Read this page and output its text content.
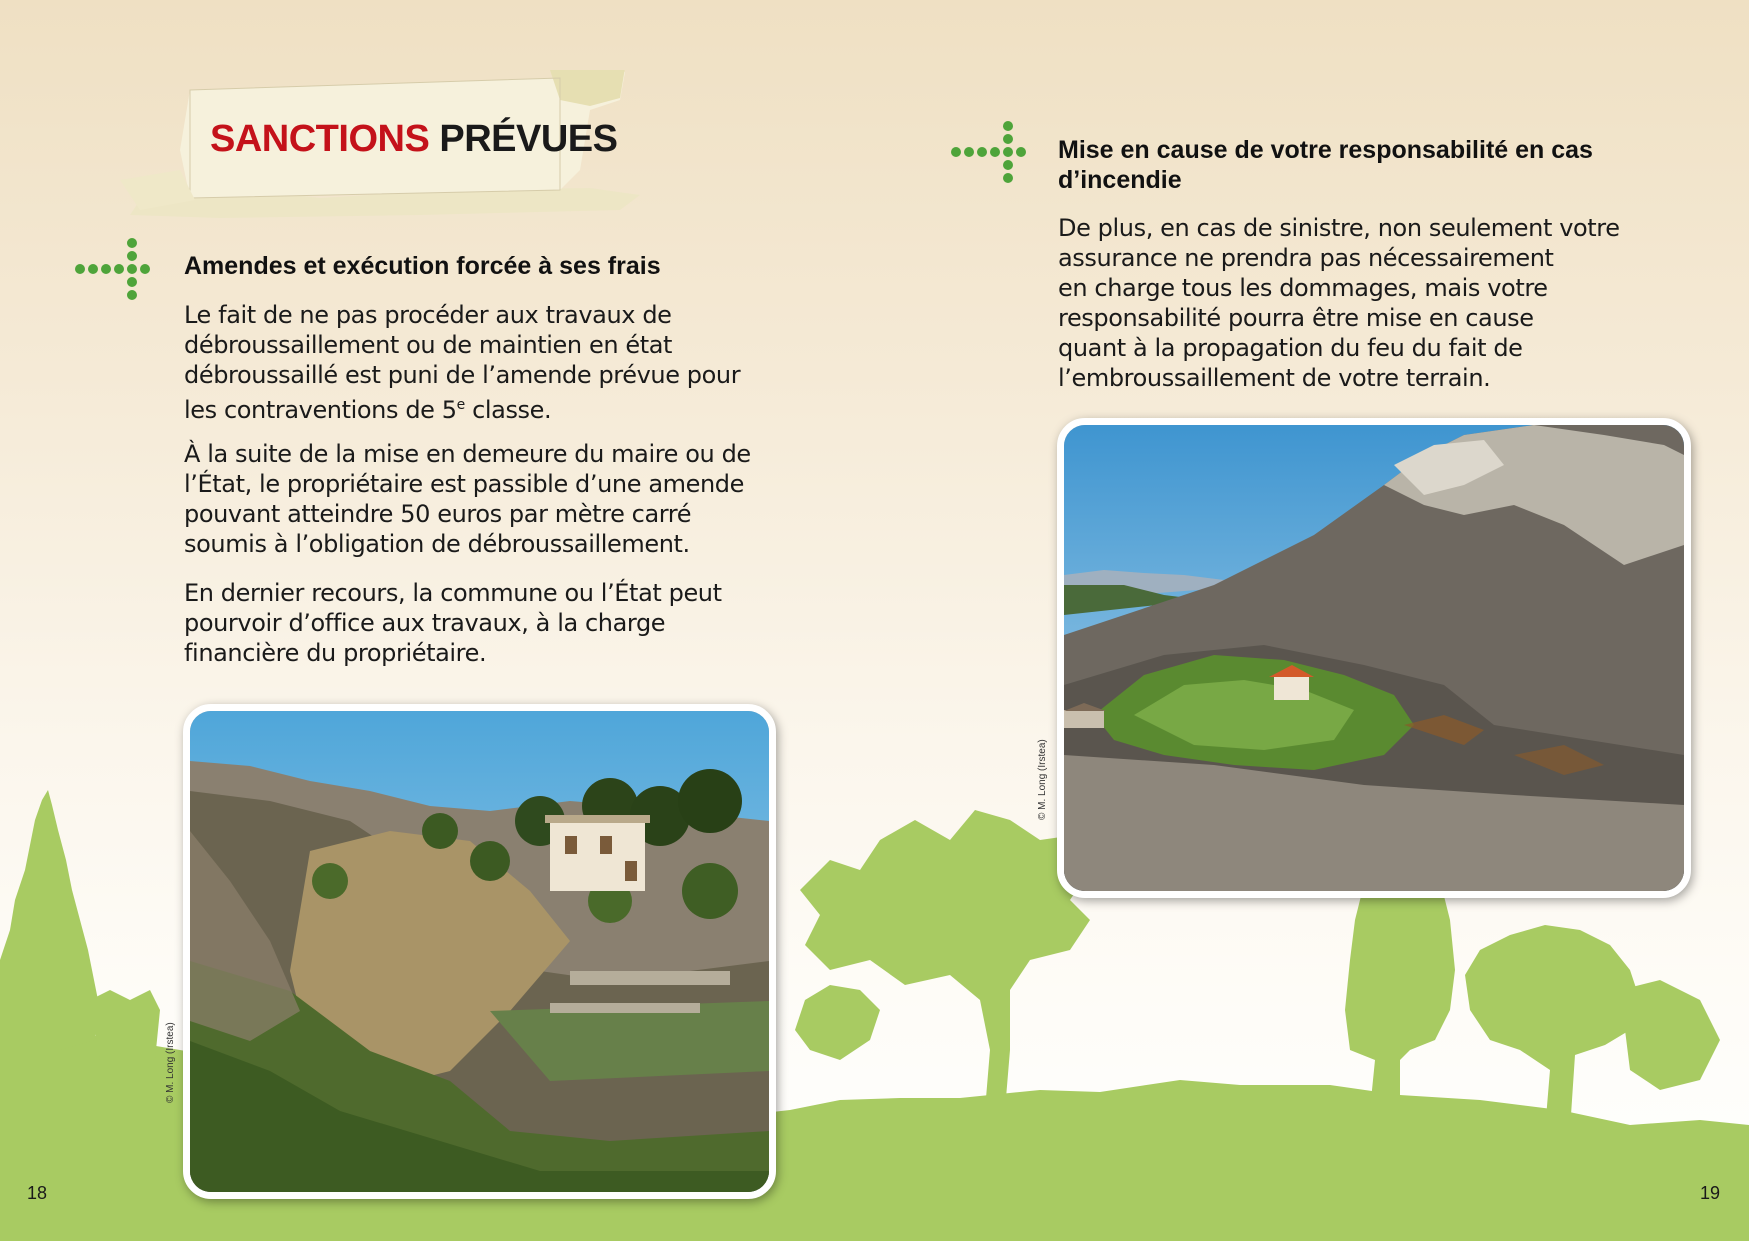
SANCTIONS PRÉVUES
Amendes et exécution forcée à ses frais
Le fait de ne pas procéder aux travaux de
débroussaillement ou de maintien en état
débroussaillé est puni de l’amende prévue pour
les contraventions de 5e classe.
À la suite de la mise en demeure du maire ou de
l’État, le propriétaire est passible d’une amende
pouvant atteindre 50 euros par mètre carré
soumis à l’obligation de débroussaillement.
En dernier recours, la commune ou l’État peut
pourvoir d’office aux travaux, à la charge
financière du propriétaire.
© M. Long (Irstea)
Mise en cause de votre responsabilité en cas
d’incendie
De plus, en cas de sinistre, non seulement votre
assurance ne prendra pas nécessairement
en charge tous les dommages, mais votre
responsabilité pourra être mise en cause
quant à la propagation du feu du fait de
l’embroussaillement de votre terrain.
© M. Long (Irstea)
18	19
